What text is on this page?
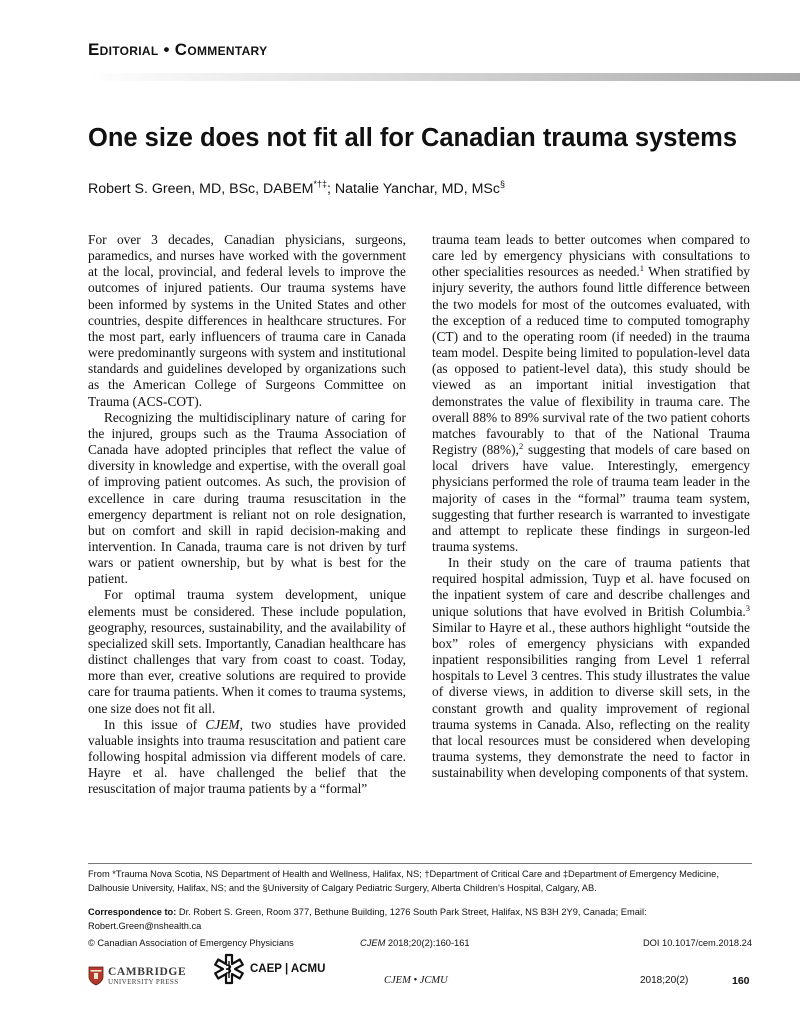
Editorial • Commentary
One size does not fit all for Canadian trauma systems
Robert S. Green, MD, BSc, DABEM*†‡; Natalie Yanchar, MD, MSc§

For over 3 decades, Canadian physicians, surgeons, paramedics, and nurses have worked with the government at the local, provincial, and federal levels to improve the outcomes of injured patients. Our trauma systems have been informed by systems in the United States and other countries, despite differences in healthcare structures. For the most part, early influencers of trauma care in Canada were predominantly surgeons with system and institutional standards and guidelines developed by organizations such as the American College of Surgeons Committee on Trauma (ACS-COT).

Recognizing the multidisciplinary nature of caring for the injured, groups such as the Trauma Association of Canada have adopted principles that reflect the value of diversity in knowledge and expertise, with the overall goal of improving patient outcomes. As such, the provision of excellence in care during trauma resuscitation in the emergency department is reliant not on role designation, but on comfort and skill in rapid decision-making and intervention. In Canada, trauma care is not driven by turf wars or patient ownership, but by what is best for the patient.

For optimal trauma system development, unique elements must be considered. These include population, geography, resources, sustainability, and the availability of specialized skill sets. Importantly, Canadian healthcare has distinct challenges that vary from coast to coast. Today, more than ever, creative solutions are required to provide care for trauma patients. When it comes to trauma systems, one size does not fit all.

In this issue of CJEM, two studies have provided valuable insights into trauma resuscitation and patient care following hospital admission via different models of care. Hayre et al. have challenged the belief that the resuscitation of major trauma patients by a “formal”

trauma team leads to better outcomes when compared to care led by emergency physicians with consultations to other specialities resources as needed.$^1$ When stratified by injury severity, the authors found little difference between the two models for most of the outcomes evaluated, with the exception of a reduced time to computed tomography (CT) and to the operating room (if needed) in the trauma team model. Despite being limited to population-level data (as opposed to patient-level data), this study should be viewed as an important initial investigation that demonstrates the value of flexibility in trauma care. The overall 88% to 89% survival rate of the two patient cohorts matches favourably to that of the National Trauma Registry (88%),$^2$ suggesting that models of care based on local drivers have value. Interestingly, emergency physicians performed the role of trauma team leader in the majority of cases in the “formal” trauma team system, suggesting that further research is warranted to investigate and attempt to replicate these findings in surgeon-led trauma systems.

In their study on the care of trauma patients that required hospital admission, Tuyp et al. have focused on the inpatient system of care and describe challenges and unique solutions that have evolved in British Columbia.$^3$ Similar to Hayre et al., these authors highlight “outside the box” roles of emergency physicians with expanded inpatient responsibilities ranging from Level 1 referral hospitals to Level 3 centres. This study illustrates the value of diverse views, in addition to diverse skill sets, in the constant growth and quality improvement of regional trauma systems in Canada. Also, reflecting on the reality that local resources must be considered when developing trauma systems, they demonstrate the need to factor in sustainability when developing components of that system.

From *Trauma Nova Scotia, NS Department of Health and Wellness, Halifax, NS; †Department of Critical Care and ‡Department of Emergency Medicine, Dalhousie University, Halifax, NS; and the §University of Calgary Pediatric Surgery, Alberta Children’s Hospital, Calgary, AB.
Correspondence to: Dr. Robert S. Green, Room 377, Bethune Building, 1276 South Park Street, Halifax, NS B3H 2Y9, Canada; Email: Robert.Green@nshealth.ca
© Canadian Association of Emergency Physicians	CJEM 2018;20(2):160-161	DOI 10.1017/cem.2018.24
CAMBRIDGE
UNIVERSITY PRESS
CAEP | ACMU
CJEM • JCMU	2018;20(2)	160
